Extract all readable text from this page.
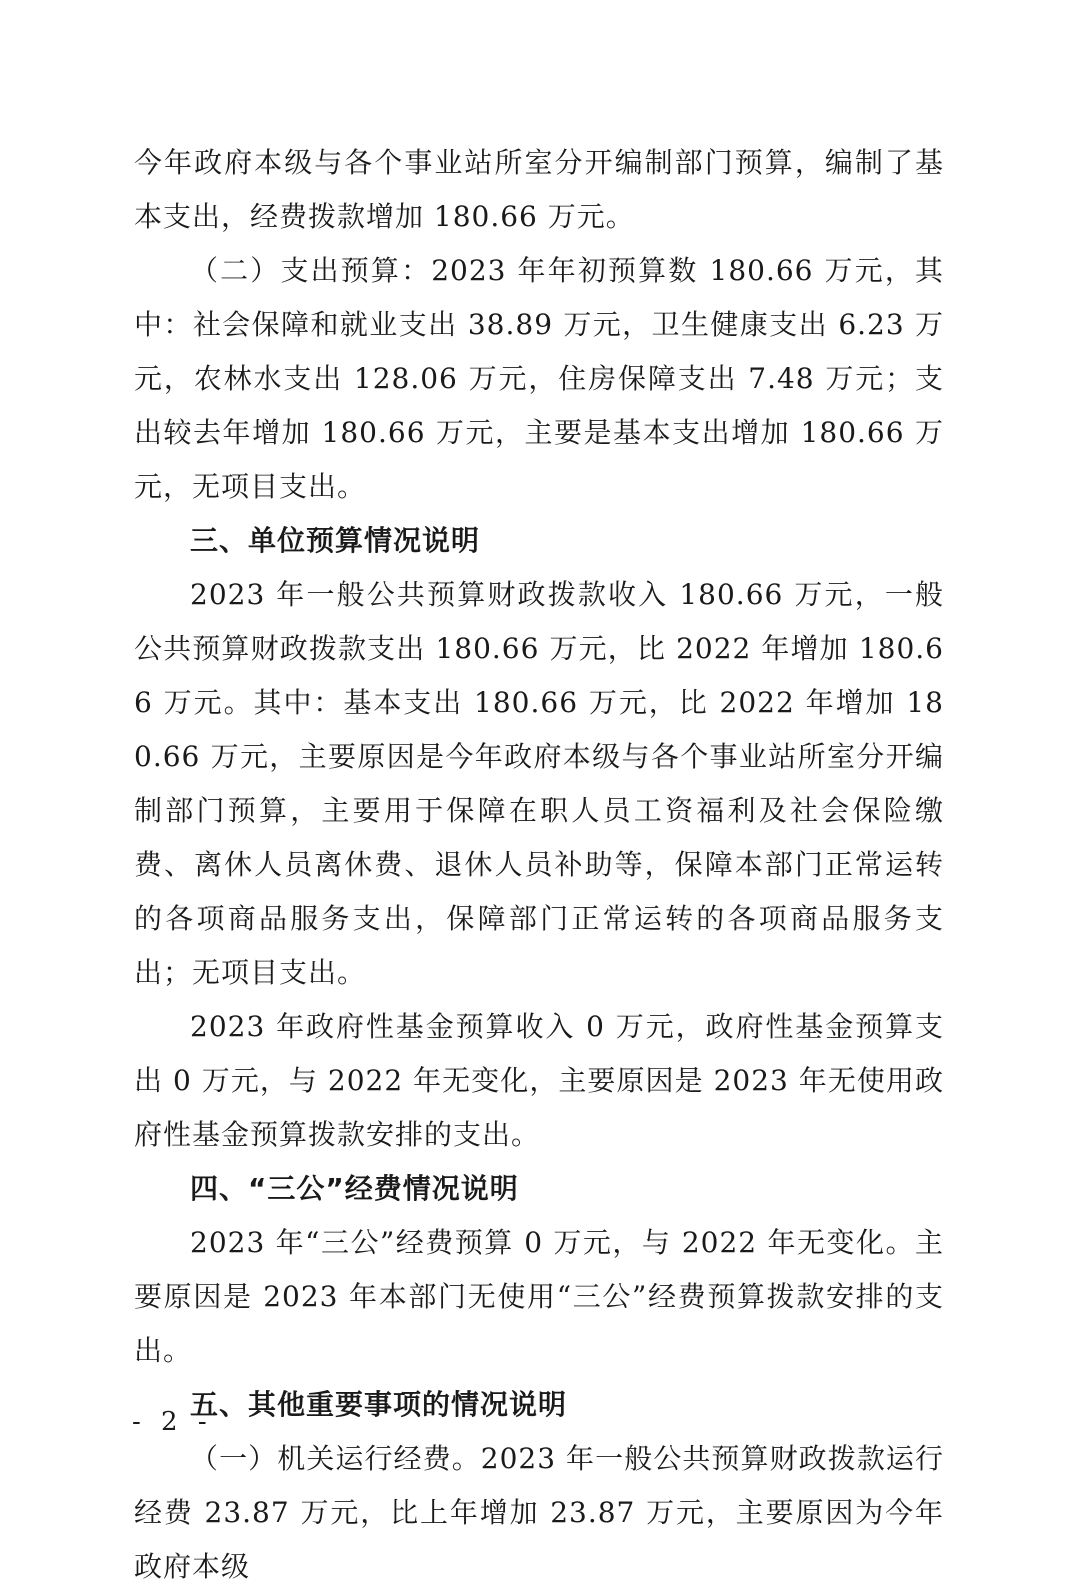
今年政府本级与各个事业站所室分开编制部门预算，编制了基本支出，经费拨款增加 180.66 万元。

（二）支出预算：2023 年年初预算数 180.66 万元，其中：社会保障和就业支出 38.89 万元，卫生健康支出 6.23 万元，农林水支出 128.06 万元，住房保障支出 7.48 万元；支出较去年增加 180.66 万元，主要是基本支出增加 180.66 万元，无项目支出。

三、单位预算情况说明

2023 年一般公共预算财政拨款收入 180.66 万元，一般公共预算财政拨款支出 180.66 万元，比 2022 年增加 180.66 万元。其中：基本支出 180.66 万元，比 2022 年增加 180.66 万元，主要原因是今年政府本级与各个事业站所室分开编制部门预算，主要用于保障在职人员工资福利及社会保险缴费、离休人员离休费、退休人员补助等，保障本部门正常运转的各项商品服务支出，保障部门正常运转的各项商品服务支出；无项目支出。

2023 年政府性基金预算收入 0 万元，政府性基金预算支出 0 万元，与 2022 年无变化，主要原因是 2023 年无使用政府性基金预算拨款安排的支出。

四、“三公”经费情况说明

2023 年“三公”经费预算 0 万元，与 2022 年无变化。主要原因是 2023 年本部门无使用“三公”经费预算拨款安排的支出。

五、其他重要事项的情况说明

（一）机关运行经费。2023 年一般公共预算财政拨款运行经费 23.87 万元，比上年增加 23.87 万元，主要原因为今年政府本级

- 2 -
